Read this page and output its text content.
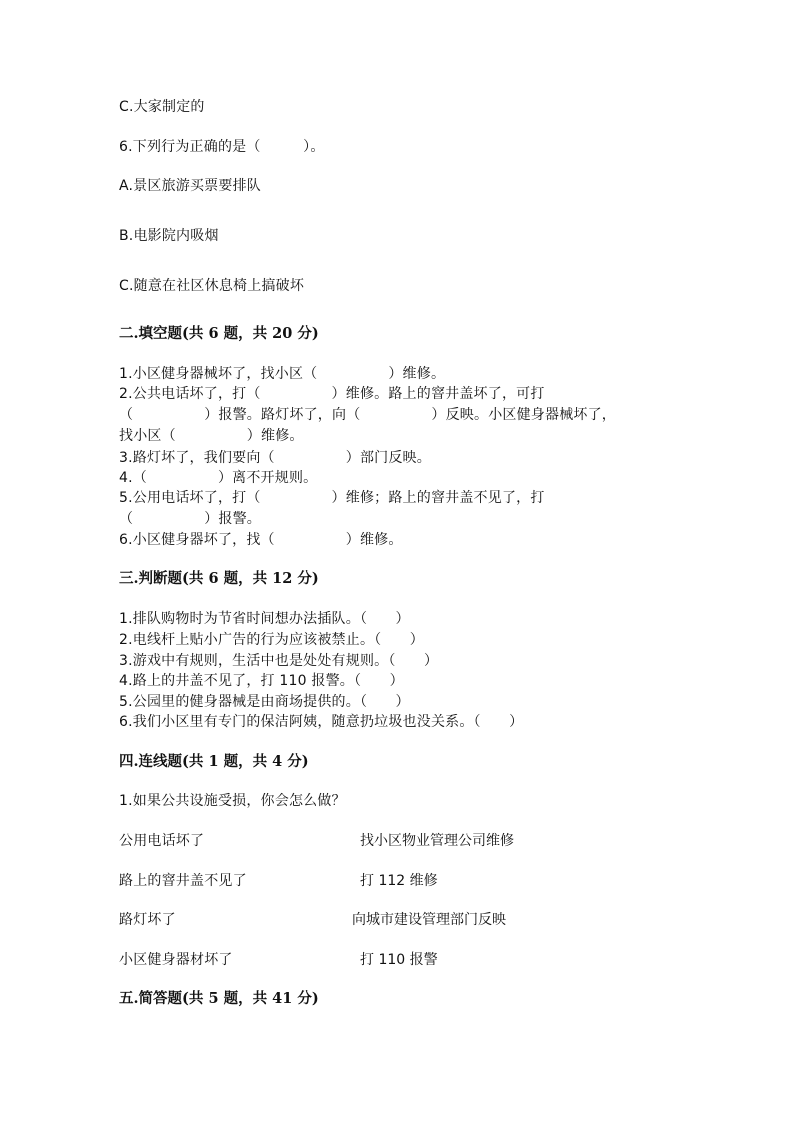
C.大家制定的
6.下列行为正确的是（　　　）。
A.景区旅游买票要排队
B.电影院内吸烟
C.随意在社区休息椅上搞破坏
二.填空题(共 6 题，共 20 分)
1.小区健身器械坏了，找小区（　　　　　）维修。
2.公共电话坏了，打（　　　　　）维修。路上的窨井盖坏了，可打
（　　　　　）报警。路灯坏了，向（　　　　　）反映。小区健身器械坏了，
找小区（　　　　　）维修。
3.路灯坏了，我们要向（　　　　　）部门反映。
4.（　　　　　）离不开规则。
5.公用电话坏了，打（　　　　　）维修；路上的窨井盖不见了，打
（　　　　　）报警。
6.小区健身器坏了，找（　　　　　）维修。
三.判断题(共 6 题，共 12 分)
1.排队购物时为节省时间想办法插队。（　　）
2.电线杆上贴小广告的行为应该被禁止。（　　）
3.游戏中有规则，生活中也是处处有规则。（　　）
4.路上的井盖不见了，打 110 报警。（　　）
5.公园里的健身器械是由商场提供的。（　　）
6.我们小区里有专门的保洁阿姨，随意扔垃圾也没关系。（　　）
四.连线题(共 1 题，共 4 分)
1.如果公共设施受损，你会怎么做？
公用电话坏了	找小区物业管理公司维修
路上的窨井盖不见了	打 112 维修
路灯坏了	向城市建设管理部门反映
小区健身器材坏了	打 110 报警
五.简答题(共 5 题，共 41 分)
